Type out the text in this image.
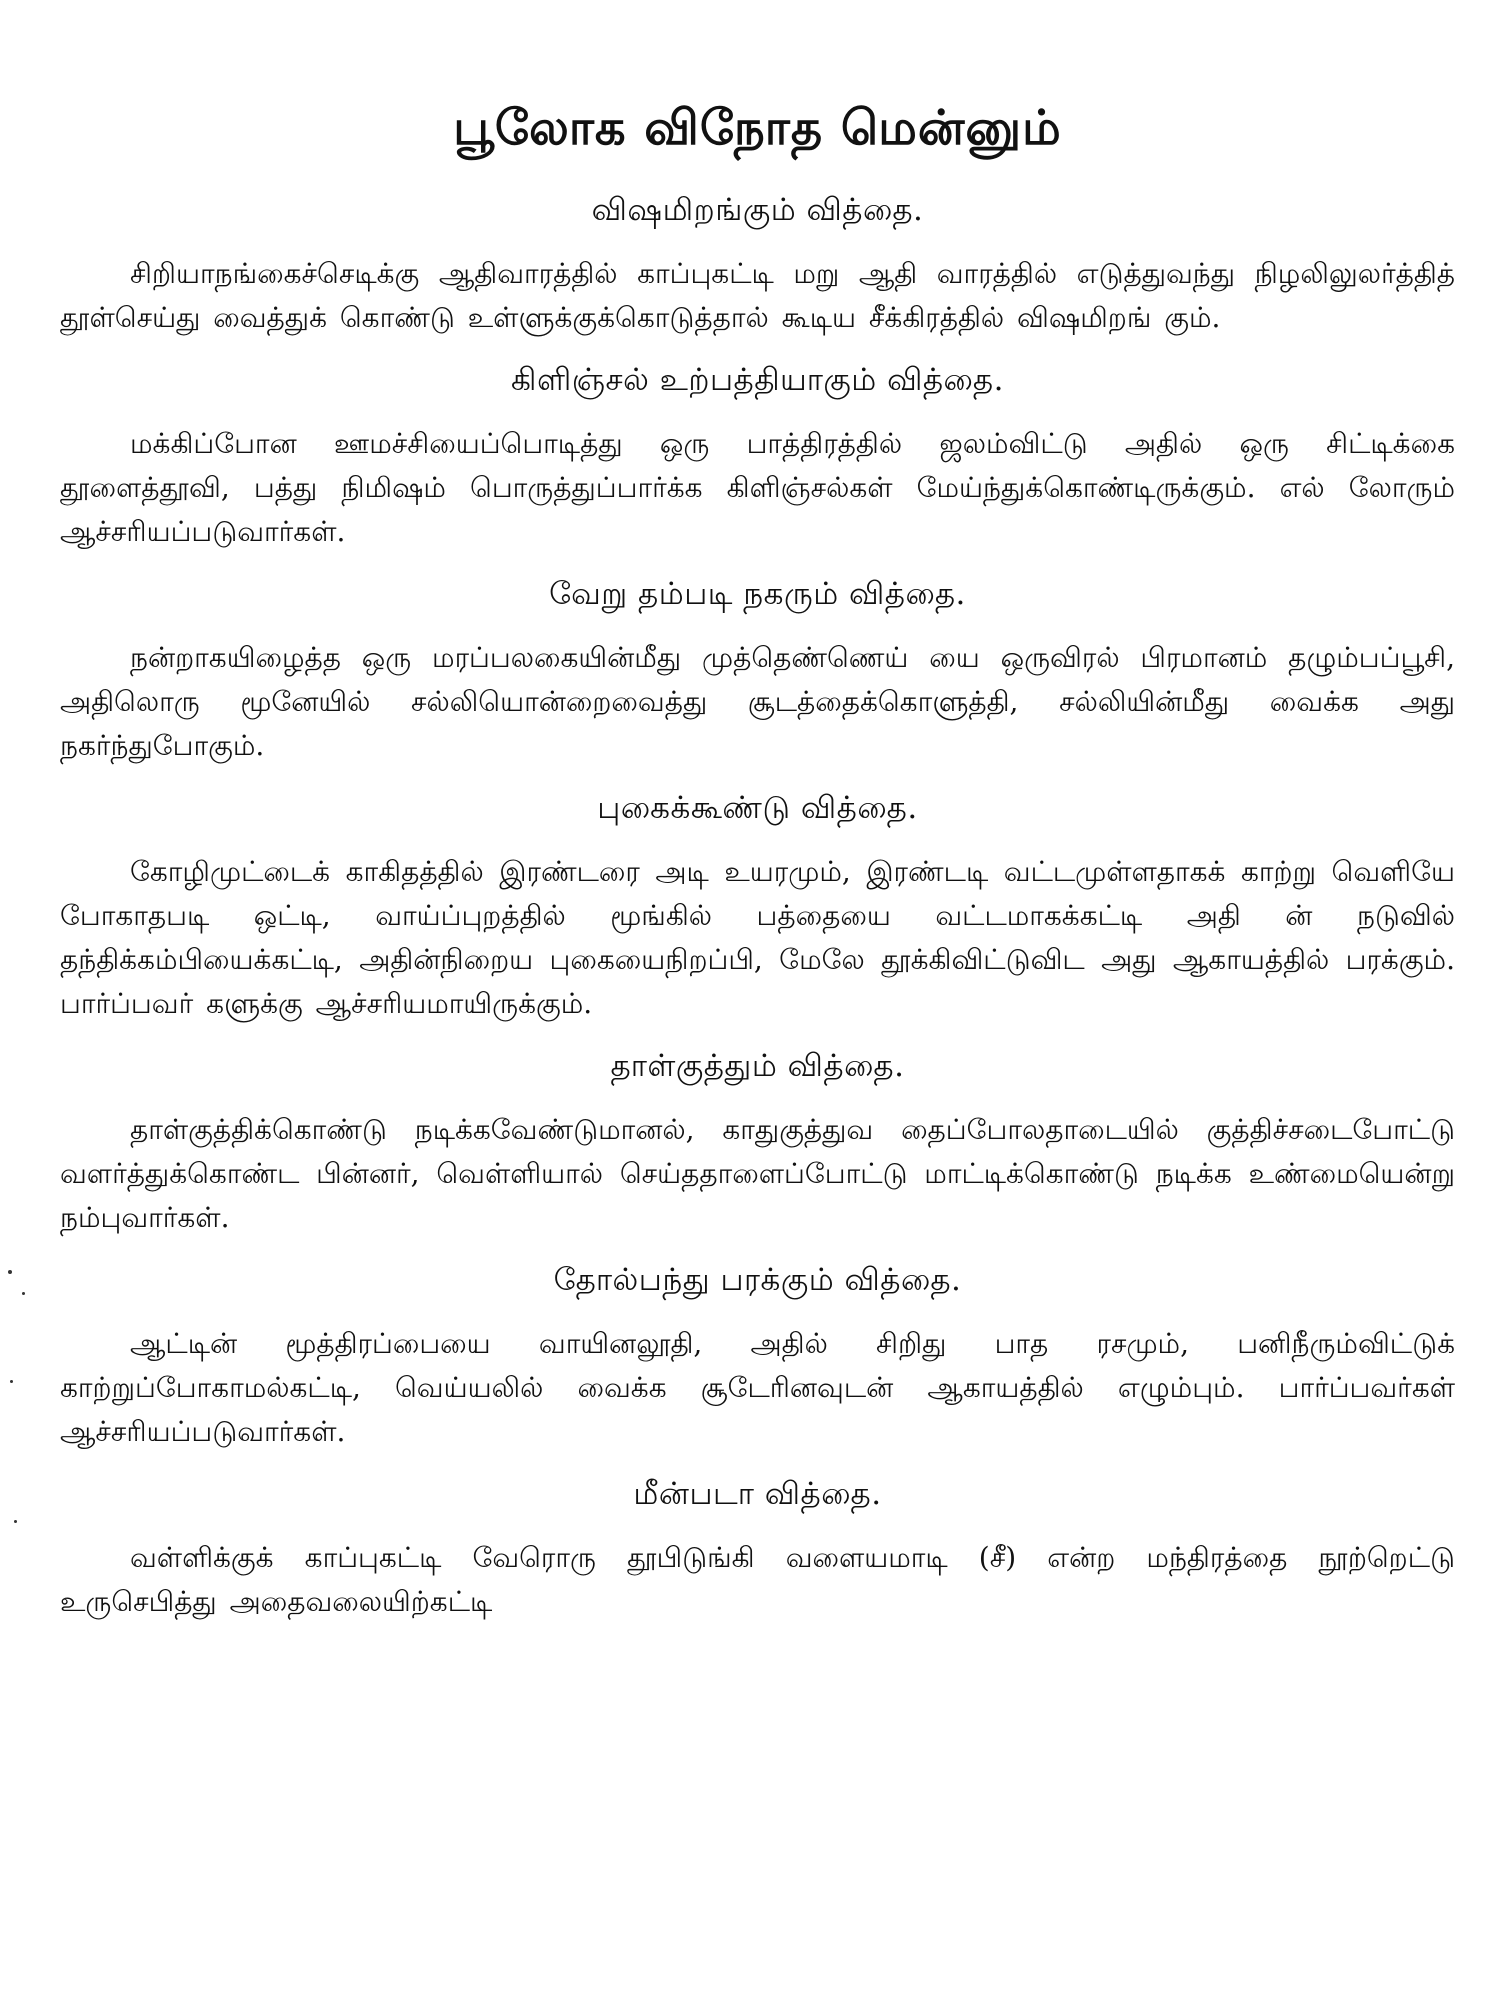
பூலோக விநோத மென்னும்
விஷமிறங்கும் வித்தை.

சிறியாநங்கைச்செடிக்கு ஆதிவாரத்தில் காப்புகட்டி மறு ஆதி வாரத்தில் எடுத்துவந்து நிழலிலுலர்த்தித் தூள்செய்து வைத்துக் கொண்டு உள்ளுக்குக்கொடுத்தால் கூடிய சீக்கிரத்தில் விஷமிறங் கும்.

கிளிஞ்சல் உற்பத்தியாகும் வித்தை.

மக்கிப்போன ஊமச்சியைப்பொடித்து ஒரு பாத்திரத்தில் ஜலம்விட்டு அதில் ஒரு சிட்டிக்கை தூளைத்தூவி, பத்து நிமிஷம் பொருத்துப்பார்க்க கிளிஞ்சல்கள் மேய்ந்துக்கொண்டிருக்கும். எல் லோரும் ஆச்சரியப்படுவார்கள்.

வேறு தம்படி நகரும் வித்தை.

நன்றாகயிழைத்த ஒரு மரப்பலகையின்மீது முத்தெண்ணெய் யை ஒருவிரல் பிரமானம் தழும்பப்பூசி, அதிலொரு மூனேயில் சல்லியொன்றைவைத்து சூடத்தைக்கொளுத்தி, சல்லியின்மீது வைக்க அது நகர்ந்துபோகும்.

புகைக்கூண்டு வித்தை.

கோழிமுட்டைக் காகிதத்தில் இரண்டரை அடி உயரமும், இரண்டடி வட்டமுள்ளதாகக் காற்று வெளியே போகாதபடி ஒட்டி, வாய்ப்புறத்தில் மூங்கில் பத்தையை வட்டமாகக்கட்டி அதி ன் நடுவில் தந்திக்கம்பியைக்கட்டி, அதின்நிறைய புகையைநிறப்பி, மேலே தூக்கிவிட்டுவிட அது ஆகாயத்தில் பரக்கும். பார்ப்பவர் களுக்கு ஆச்சரியமாயிருக்கும்.

தாள்குத்தும் வித்தை.

தாள்குத்திக்கொண்டு நடிக்கவேண்டுமானல், காதுகுத்துவ தைப்போலதாடையில் குத்திச்சடைபோட்டு வளர்த்துக்கொண்ட பின்னர், வெள்ளியால் செய்ததாளைப்போட்டு மாட்டிக்கொண்டு நடிக்க உண்மையென்று நம்புவார்கள்.

தோல்பந்து பரக்கும் வித்தை.

ஆட்டின் மூத்திரப்பையை வாயினலூதி, அதில் சிறிது பாத ரசமும், பனிநீரும்விட்டுக் காற்றுப்போகாமல்கட்டி, வெய்யலில் வைக்க சூடேரினவுடன் ஆகாயத்தில் எழும்பும். பார்ப்பவர்கள் ஆச்சரியப்படுவார்கள்.

மீன்படா வித்தை.

வள்ளிக்குக் காப்புகட்டி வேரொரு தூபிடுங்கி வளையமாடி (சீ) என்ற மந்திரத்தை நூற்றெட்டு உருசெபித்து அதைவலையிற்கட்டி
